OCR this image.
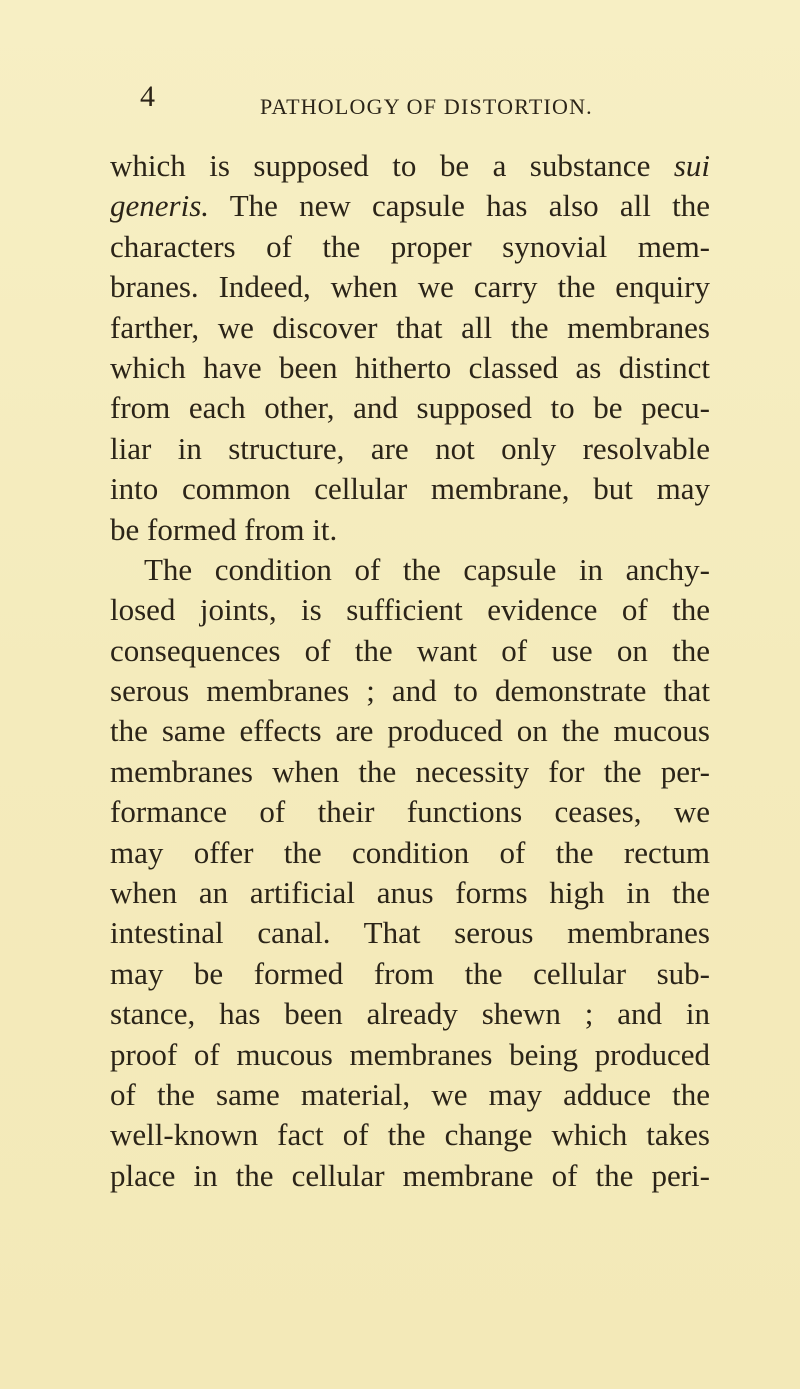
4	PATHOLOGY OF DISTORTION.
which is supposed to be a substance sui
generis. The new capsule has also all the
characters of the proper synovial mem-
branes. Indeed, when we carry the enquiry
farther, we discover that all the membranes
which have been hitherto classed as distinct
from each other, and supposed to be pecu-
liar in structure, are not only resolvable
into common cellular membrane, but may
be formed from it.
The condition of the capsule in anchy-
losed joints, is sufficient evidence of the
consequences of the want of use on the
serous membranes ; and to demonstrate that
the same effects are produced on the mucous
membranes when the necessity for the per-
formance of their functions ceases, we
may offer the condition of the rectum
when an artificial anus forms high in the
intestinal canal. That serous membranes
may be formed from the cellular sub-
stance, has been already shewn ; and in
proof of mucous membranes being produced
of the same material, we may adduce the
well-known fact of the change which takes
place in the cellular membrane of the peri-
